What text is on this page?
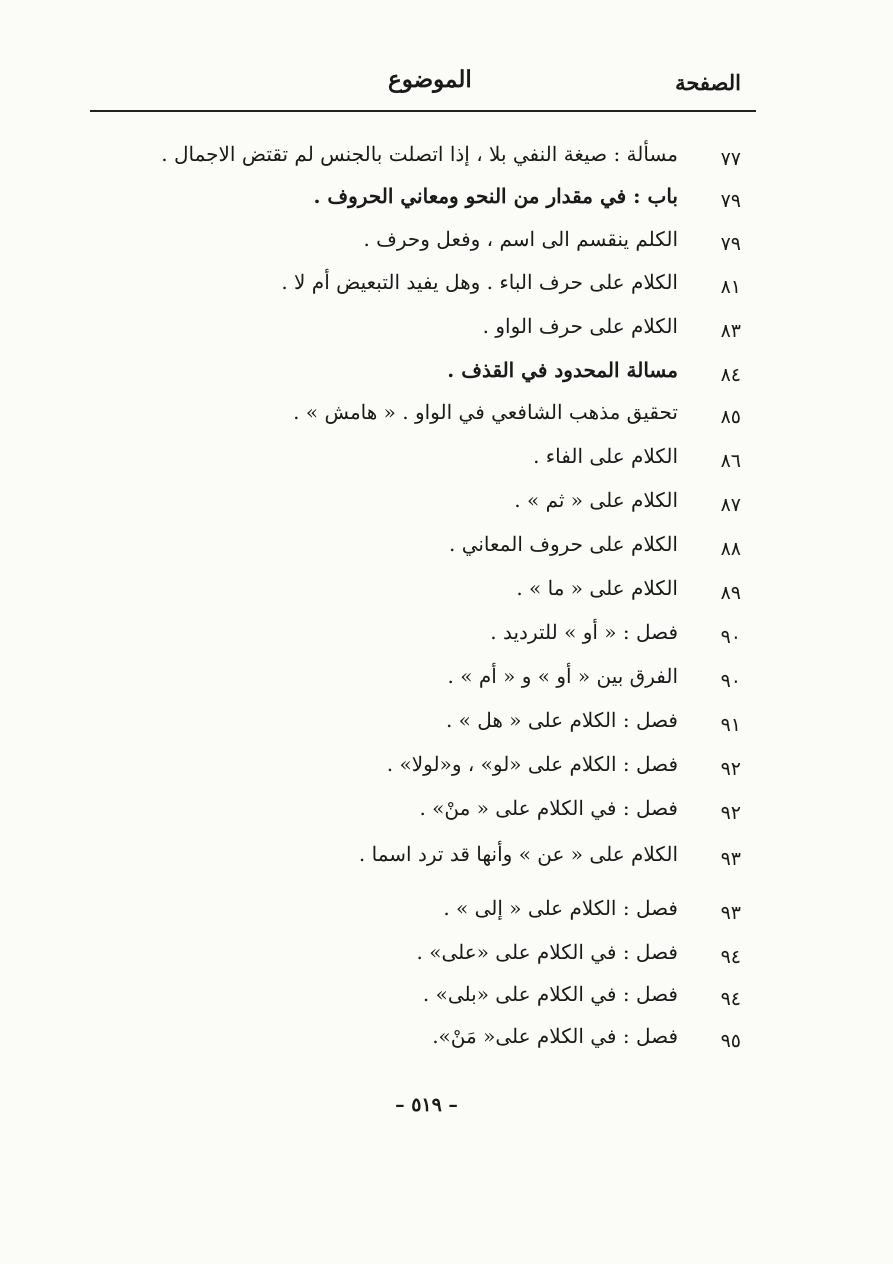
الصفحة
الموضوع
٧٧
مسألة : صيغة النفي بلا ، إذا اتصلت بالجنس لم تقتض الاجمال .
٧٩
باب : في مقدار من النحو ومعاني الحروف .
٧٩
الكلم ينقسم الى اسم ، وفعل وحرف .
٨١
الكلام على حرف الباء . وهل يفيد التبعيض أم لا .
٨٣
الكلام على حرف الواو .
٨٤
مسالة المحدود في القذف .
٨٥
تحقيق مذهب الشافعي في الواو . « هامش » .
٨٦
الكلام على الفاء .
٨٧
الكلام على « ثم » .
٨٨
الكلام على حروف المعاني .
٨٩
الكلام على « ما » .
٩٠
فصل : « أو » للترديد .
٩٠
الفرق بين « أو » و « أم » .
٩١
فصل : الكلام على « هل » .
٩٢
فصل : الكلام على «لو» ، و«لولا» .
٩٢
فصل : في الكلام على « منْ» .
٩٣
الكلام على « عن » وأنها قد ترد اسما .
٩٣
فصل : الكلام على « إلى » .
٩٤
فصل : في الكلام على «على» .
٩٤
فصل : في الكلام على «بلى» .
٩٥
فصل : في الكلام على« مَنْ».
– ٥١٩ –
